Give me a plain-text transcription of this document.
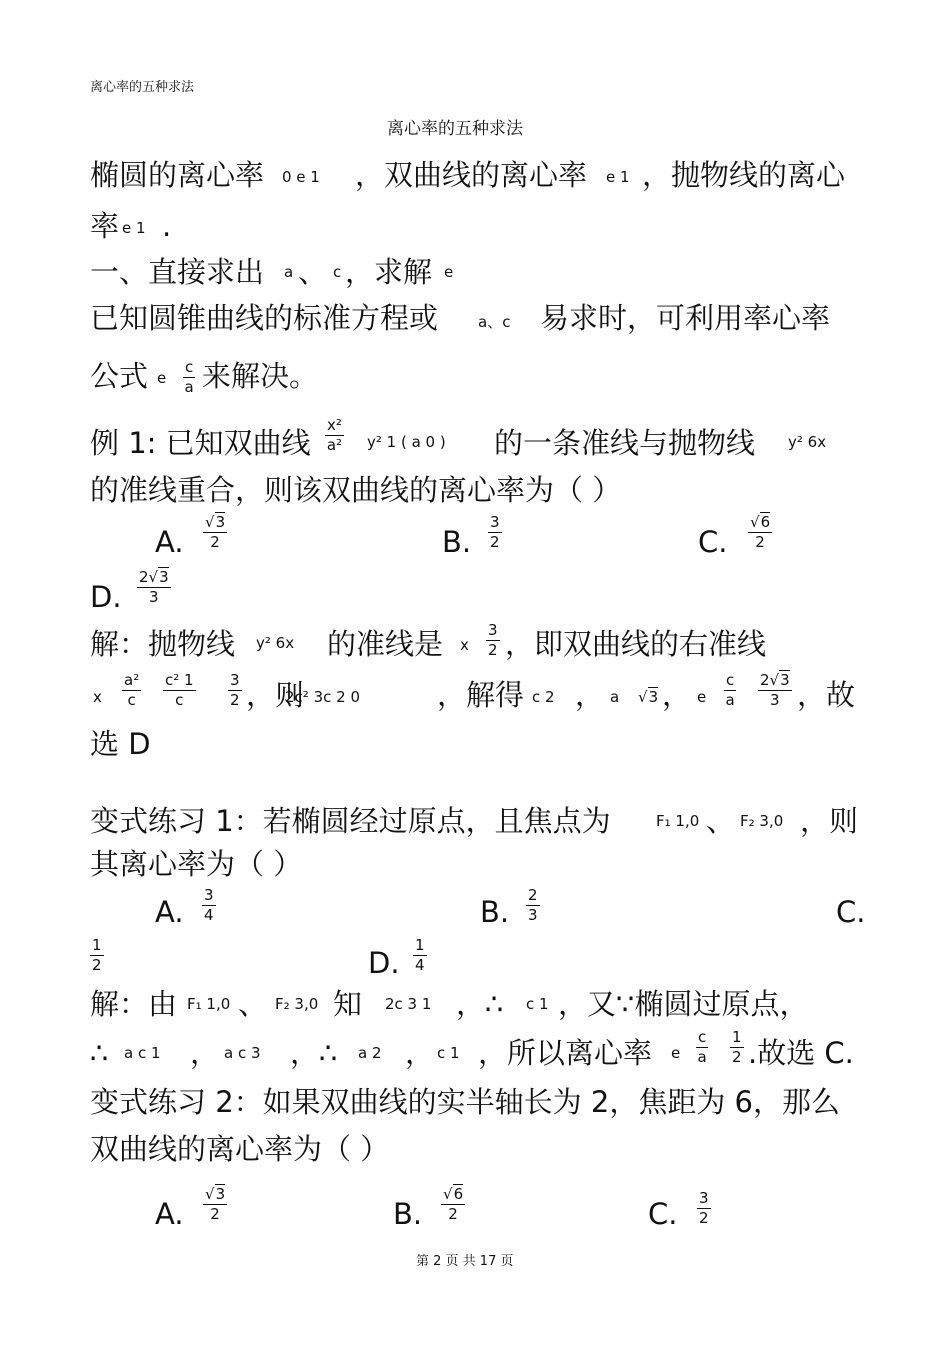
离心率的五种求法
离心率的五种求法
椭圆的离心率 0 e 1 ，双曲线的离心率 e 1 ，抛物线的离心
率 e 1 .
一、直接求出 a 、 c ，求解 e
已知圆锥曲线的标准方程或	a、c 易求时，可利用率心率
公式 e
c
a 来解决。
例 1: 已知双曲线
x²
a² y² 1 ( a 0 ) 的一条准线与抛物线 y² 6x
的准线重合，则该双曲线的离心率为（ ）
A.
√3
2	B.
3
2	C.
√6
2
D.
2√3
3
解：抛物线 y² 6x 的准线是 x
3
2 ，即双曲线的右准线
x
a²
c
c² 1
c
3
2 ，则
2c² 3c 2 0	，解得 c 2 ， a √3 ， e
c
a
2√3
3 ，故
选 D
变式练习 1：若椭圆经过原点，且焦点为	F₁ 1,0 、 F₂ 3,0 ，则
其离心率为（ ）
A. 3
4	B. 2
3	C.
1
2	D.
1
4
解：由 F₁ 1,0 、 F₂ 3,0 知 2c 3 1 ，∴ c 1 ，又∵椭圆过原点，
∴ a c 1 ， a c 3 ，∴ a 2 ， c 1 ，所以离心率 e
c
a
1
2 .故选 C.
变式练习 2：如果双曲线的实半轴长为 2，焦距为 6，那么
双曲线的离心率为（ ）
A.
√3
2	B.
√6
2	C. 3
2
第 2 页 共 17 页
